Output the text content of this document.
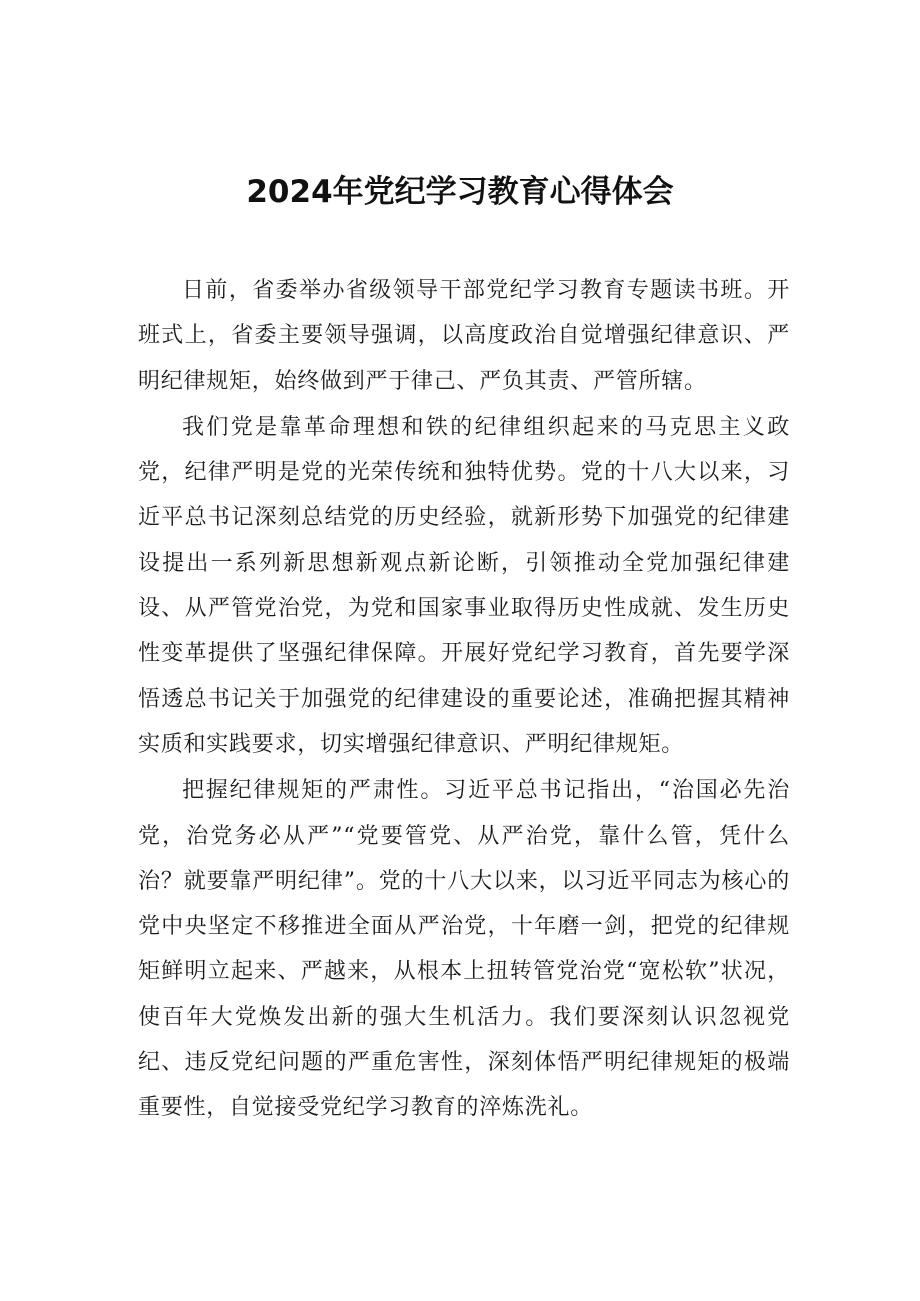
2024年党纪学习教育心得体会

日前，省委举办省级领导干部党纪学习教育专题读书班。开班式上，省委主要领导强调，以高度政治自觉增强纪律意识、严明纪律规矩，始终做到严于律己、严负其责、严管所辖。

我们党是靠革命理想和铁的纪律组织起来的马克思主义政党，纪律严明是党的光荣传统和独特优势。党的十八大以来，习近平总书记深刻总结党的历史经验，就新形势下加强党的纪律建设提出一系列新思想新观点新论断，引领推动全党加强纪律建设、从严管党治党，为党和国家事业取得历史性成就、发生历史性变革提供了坚强纪律保障。开展好党纪学习教育，首先要学深悟透总书记关于加强党的纪律建设的重要论述，准确把握其精神实质和实践要求，切实增强纪律意识、严明纪律规矩。

把握纪律规矩的严肃性。习近平总书记指出，“治国必先治党，治党务必从严”“党要管党、从严治党，靠什么管，凭什么治？就要靠严明纪律”。党的十八大以来，以习近平同志为核心的党中央坚定不移推进全面从严治党，十年磨一剑，把党的纪律规矩鲜明立起来、严越来，从根本上扭转管党治党“宽松软”状况，使百年大党焕发出新的强大生机活力。我们要深刻认识忽视党纪、违反党纪问题的严重危害性，深刻体悟严明纪律规矩的极端重要性，自觉接受党纪学习教育的淬炼洗礼。
